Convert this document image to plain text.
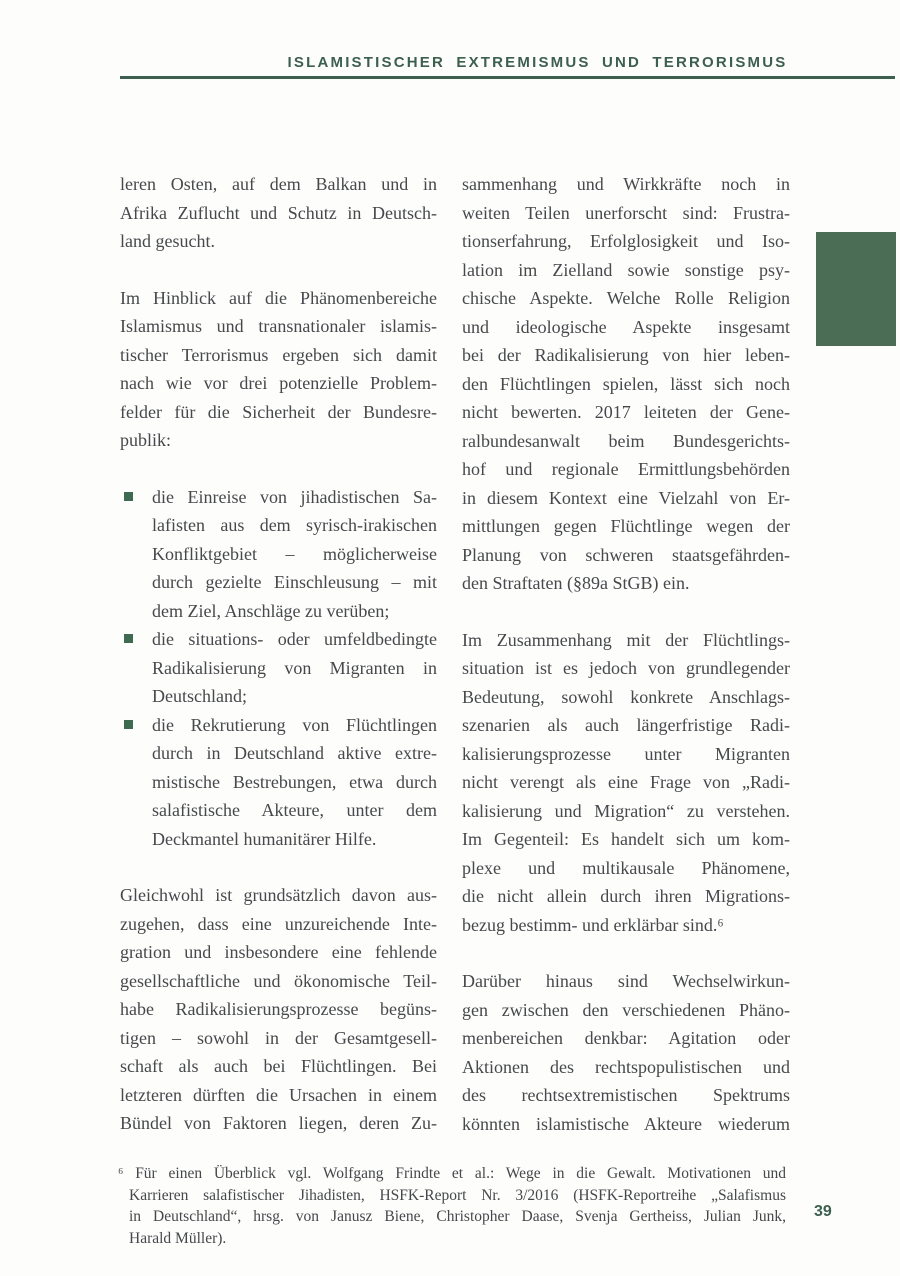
ISLAMISTISCHER EXTREMISMUS UND TERRORISMUS
leren Osten, auf dem Balkan und in
Afrika Zuflucht und Schutz in Deutsch-
land gesucht.
Im Hinblick auf die Phänomenbereiche
Islamismus und transnationaler islamis-
tischer Terrorismus ergeben sich damit
nach wie vor drei potenzielle Problem-
felder für die Sicherheit der Bundesre-
publik:
die Einreise von jihadistischen Sa-
lafisten aus dem syrisch-irakischen
Konfliktgebiet – möglicherweise
durch gezielte Einschleusung – mit
dem Ziel, Anschläge zu verüben;
die situations- oder umfeldbedingte
Radikalisierung von Migranten in
Deutschland;
die Rekrutierung von Flüchtlingen
durch in Deutschland aktive extre-
mistische Bestrebungen, etwa durch
salafistische Akteure, unter dem
Deckmantel humanitärer Hilfe.
Gleichwohl ist grundsätzlich davon aus-
zugehen, dass eine unzureichende Inte-
gration und insbesondere eine fehlende
gesellschaftliche und ökonomische Teil-
habe Radikalisierungsprozesse begüns-
tigen – sowohl in der Gesamtgesell-
schaft als auch bei Flüchtlingen. Bei
letzteren dürften die Ursachen in einem
Bündel von Faktoren liegen, deren Zu-
sammenhang und Wirkkräfte noch in
weiten Teilen unerforscht sind: Frustra-
tionserfahrung, Erfolglosigkeit und Iso-
lation im Zielland sowie sonstige psy-
chische Aspekte. Welche Rolle Religion
und ideologische Aspekte insgesamt
bei der Radikalisierung von hier leben-
den Flüchtlingen spielen, lässt sich noch
nicht bewerten. 2017 leiteten der Gene-
ralbundesanwalt beim Bundesgerichts-
hof und regionale Ermittlungsbehörden
in diesem Kontext eine Vielzahl von Er-
mittlungen gegen Flüchtlinge wegen der
Planung von schweren staatsgefährden-
den Straftaten (§89a StGB) ein.
Im Zusammenhang mit der Flüchtlings-
situation ist es jedoch von grundlegender
Bedeutung, sowohl konkrete Anschlags-
szenarien als auch längerfristige Radi-
kalisierungsprozesse unter Migranten
nicht verengt als eine Frage von „Radi-
kalisierung und Migration“ zu verstehen.
Im Gegenteil: Es handelt sich um kom-
plexe und multikausale Phänomene,
die nicht allein durch ihren Migrations-
bezug bestimm- und erklärbar sind.⁶
Darüber hinaus sind Wechselwirkun-
gen zwischen den verschiedenen Phäno-
menbereichen denkbar: Agitation oder
Aktionen des rechtspopulistischen und
des rechtsextremistischen Spektrums
könnten islamistische Akteure wiederum
⁶ Für einen Überblick vgl. Wolfgang Frindte et al.: Wege in die Gewalt. Motivationen und
Karrieren salafistischer Jihadisten, HSFK-Report Nr. 3/2016 (HSFK-Reportreihe „Salafismus
in Deutschland“, hrsg. von Janusz Biene, Christopher Daase, Svenja Gertheiss, Julian Junk,
Harald Müller).
39
